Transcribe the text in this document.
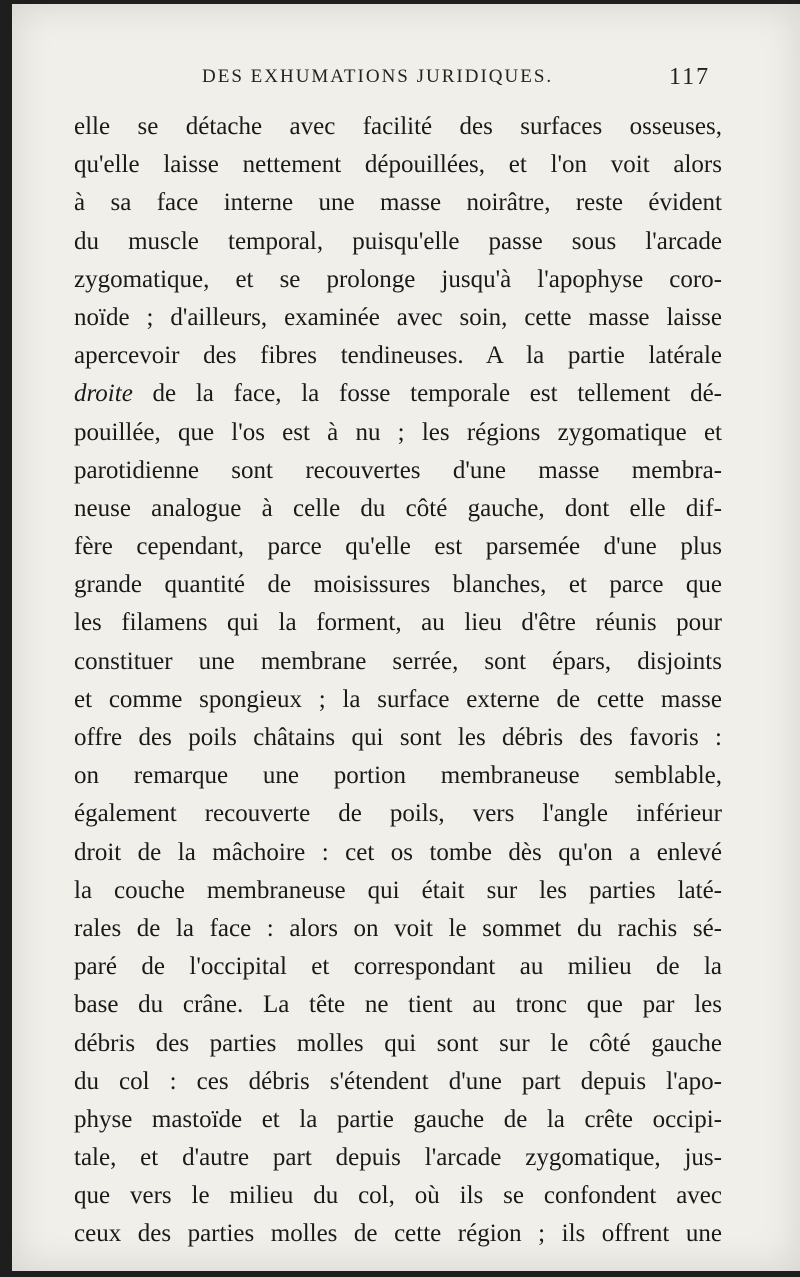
DES EXHUMATIONS JURIDIQUES.	117
elle se détache avec facilité des surfaces osseuses,
qu'elle laisse nettement dépouillées, et l'on voit alors
à sa face interne une masse noirâtre, reste évident
du muscle temporal, puisqu'elle passe sous l'arcade
zygomatique, et se prolonge jusqu'à l'apophyse coro-
noïde ; d'ailleurs, examinée avec soin, cette masse laisse
apercevoir des fibres tendineuses. A la partie latérale
droite de la face, la fosse temporale est tellement dé-
pouillée, que l'os est à nu ; les régions zygomatique et
parotidienne sont recouvertes d'une masse membra-
neuse analogue à celle du côté gauche, dont elle dif-
fère cependant, parce qu'elle est parsemée d'une plus
grande quantité de moisissures blanches, et parce que
les filamens qui la forment, au lieu d'être réunis pour
constituer une membrane serrée, sont épars, disjoints
et comme spongieux ; la surface externe de cette masse
offre des poils châtains qui sont les débris des favoris :
on remarque une portion membraneuse semblable,
également recouverte de poils, vers l'angle inférieur
droit de la mâchoire : cet os tombe dès qu'on a enlevé
la couche membraneuse qui était sur les parties laté-
rales de la face : alors on voit le sommet du rachis sé-
paré de l'occipital et correspondant au milieu de la
base du crâne. La tête ne tient au tronc que par les
débris des parties molles qui sont sur le côté gauche
du col : ces débris s'étendent d'une part depuis l'apo-
physe mastoïde et la partie gauche de la crête occipi-
tale, et d'autre part depuis l'arcade zygomatique, jus-
que vers le milieu du col, où ils se confondent avec
ceux des parties molles de cette région ; ils offrent une
